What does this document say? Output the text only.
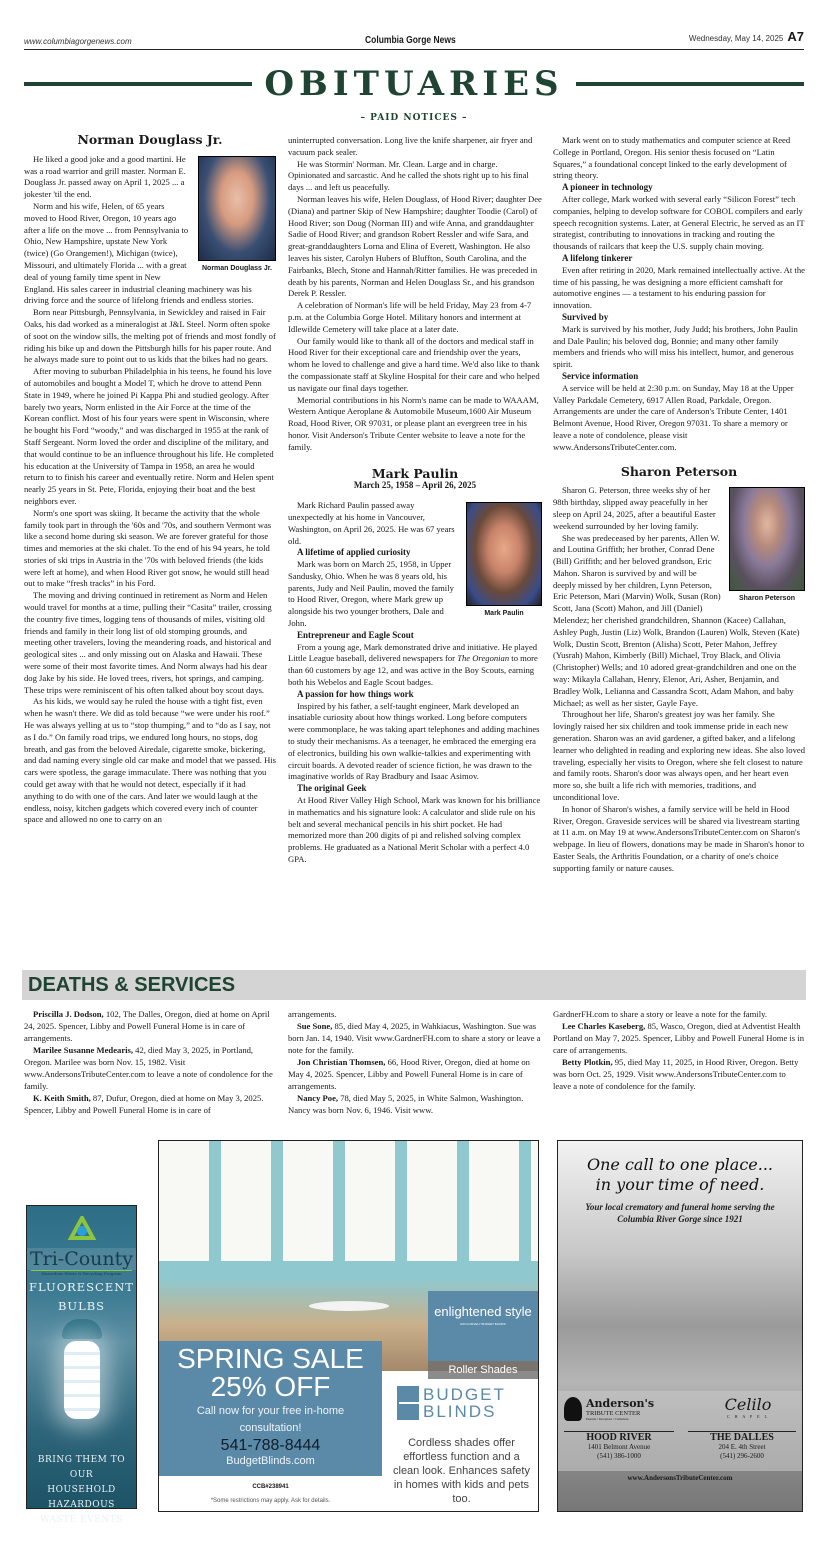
www.columbiagorgenews.com	Columbia Gorge News	Wednesday, May 14, 2025 A7
OBITUARIES
– PAID NOTICES –
Norman Douglass Jr.
Norman Douglass Jr.

He liked a good joke and a good martini. He was a road warrior and grill master. Norman E. Douglass Jr. passed away on April 1, 2025 ... a jokester 'til the end.

Norm and his wife, Helen, of 65 years moved to Hood River, Oregon, 10 years ago after a life on the move ... from Pennsylvania to Ohio, New Hampshire, upstate New York (twice) (Go Orangemen!), Michigan (twice), Missouri, and ultimately Florida ... with a great deal of young family time spent in New England. His sales career in industrial cleaning machinery was his driving force and the source of lifelong friends and endless stories.

Born near Pittsburgh, Pennsylvania, in Sewickley and raised in Fair Oaks, his dad worked as a mineralogist at J&L Steel. Norm often spoke of soot on the window sills, the melting pot of friends and most fondly of riding his bike up and down the Pittsburgh hills for his paper route. And he always made sure to point out to us kids that the bikes had no gears.

After moving to suburban Philadelphia in his teens, he found his love of automobiles and bought a Model T, which he drove to attend Penn State in 1949, where he joined Pi Kappa Phi and studied geology. After barely two years, Norm enlisted in the Air Force at the time of the Korean conflict. Most of his four years were spent in Wisconsin, where he bought his Ford “woody,” and was discharged in 1955 at the rank of Staff Sergeant. Norm loved the order and discipline of the military, and that would continue to be an influence throughout his life. He completed his education at the University of Tampa in 1958, an area he would return to to finish his career and eventually retire. Norm and Helen spent nearly 25 years in St. Pete, Florida, enjoying their boat and the best neighbors ever.

Norm's one sport was skiing. It became the activity that the whole family took part in through the '60s and '70s, and southern Vermont was like a second home during ski season. We are forever grateful for those times and memories at the ski chalet. To the end of his 94 years, he told stories of ski trips in Austria in the '70s with beloved friends (the kids were left at home), and when Hood River got snow, he would still head out to make “fresh tracks” in his Ford.

The moving and driving continued in retirement as Norm and Helen would travel for months at a time, pulling their “Casita” trailer, crossing the country five times, logging tens of thousands of miles, visiting old friends and family in their long list of old stomping grounds, and meeting other travelers, loving the meandering roads, and historical and geological sites ... and only missing out on Alaska and Hawaii. These were some of their most favorite times. And Norm always had his dear dog Jake by his side. He loved trees, rivers, hot springs, and camping. These trips were reminiscent of his often talked about boy scout days.

As his kids, we would say he ruled the house with a tight fist, even when he wasn't there. We did as told because “we were under his roof.” He was always yelling at us to “stop thumping,” and to “do as I say, not as I do.” On family road trips, we endured long hours, no stops, dog breath, and gas from the beloved Airedale, cigarette smoke, bickering, and dad naming every single old car make and model that we passed. His cars were spotless, the garage immaculate. There was nothing that you could get away with that he would not detect, especially if it had anything to do with one of the cars. And later we would laugh at the endless, noisy, kitchen gadgets which covered every inch of counter space and allowed no one to carry on an

uninterrupted conversation. Long live the knife sharpener, air fryer and vacuum pack sealer.

He was Stormin' Norman. Mr. Clean. Large and in charge. Opinionated and sarcastic. And he called the shots right up to his final days ... and left us peacefully.

Norman leaves his wife, Helen Douglass, of Hood River; daughter Dee (Diana) and partner Skip of New Hampshire; daughter Toodie (Carol) of Hood River; son Doug (Norman III) and wife Anna, and granddaughter Sadie of Hood River; and grandson Robert Ressler and wife Sara, and great-granddaughters Lorna and Elina of Everett, Washington. He also leaves his sister, Carolyn Hubers of Bluffton, South Carolina, and the Fairbanks, Blech, Stone and Hannah/Ritter families. He was preceded in death by his parents, Norman and Helen Douglass Sr., and his grandson Derek P. Ressler.

A celebration of Norman's life will be held Friday, May 23 from 4-7 p.m. at the Columbia Gorge Hotel. Military honors and interment at Idlewilde Cemetery will take place at a later date.

Our family would like to thank all of the doctors and medical staff in Hood River for their exceptional care and friendship over the years, whom he loved to challenge and give a hard time. We'd also like to thank the compassionate staff at Skyline Hospital for their care and who helped us navigate our final days together.

Memorial contributions in his Norm's name can be made to WAAAM, Western Antique Aeroplane & Automobile Museum,1600 Air Museum Road, Hood River, OR 97031, or please plant an evergreen tree in his honor. Visit Anderson's Tribute Center website to leave a note for the family.

Mark Paulin
March 25, 1958 – April 26, 2025
Mark Paulin

Mark Richard Paulin passed away unexpectedly at his home in Vancouver, Washington, on April 26, 2025. He was 67 years old.

A lifetime of applied curiosity

Mark was born on March 25, 1958, in Upper Sandusky, Ohio. When he was 8 years old, his parents, Judy and Neil Paulin, moved the family to Hood River, Oregon, where Mark grew up alongside his two younger brothers, Dale and John.

Entrepreneur and Eagle Scout

From a young age, Mark demonstrated drive and initiative. He played Little League baseball, delivered newspapers for The Oregonian to more than 60 customers by age 12, and was active in the Boy Scouts, earning both his Webelos and Eagle Scout badges.

A passion for how things work

Inspired by his father, a self-taught engineer, Mark developed an insatiable curiosity about how things worked. Long before computers were commonplace, he was taking apart telephones and adding machines to study their mechanisms. As a teenager, he embraced the emerging era of electronics, building his own walkie-talkies and experimenting with circuit boards. A devoted reader of science fiction, he was drawn to the imaginative worlds of Ray Bradbury and Isaac Asimov.

The original Geek

At Hood River Valley High School, Mark was known for his brilliance in mathematics and his signature look: A calculator and slide rule on his belt and several mechanical pencils in his shirt pocket. He had memorized more than 200 digits of pi and relished solving complex problems. He graduated as a National Merit Scholar with a perfect 4.0 GPA.

Mark went on to study mathematics and computer science at Reed College in Portland, Oregon. His senior thesis focused on “Latin Squares,” a foundational concept linked to the early development of string theory.

A pioneer in technology

After college, Mark worked with several early “Silicon Forest” tech companies, helping to develop software for COBOL compilers and early speech recognition systems. Later, at General Electric, he served as an IT strategist, contributing to innovations in tracking and routing the thousands of railcars that keep the U.S. supply chain moving.

A lifelong tinkerer

Even after retiring in 2020, Mark remained intellectually active. At the time of his passing, he was designing a more efficient camshaft for automotive engines — a testament to his enduring passion for innovation.

Survived by

Mark is survived by his mother, Judy Judd; his brothers, John Paulin and Dale Paulin; his beloved dog, Bonnie; and many other family members and friends who will miss his intellect, humor, and generous spirit.

Service information

A service will be held at 2:30 p.m. on Sunday, May 18 at the Upper Valley Parkdale Cemetery, 6917 Allen Road, Parkdale, Oregon. Arrangements are under the care of Anderson's Tribute Center, 1401 Belmont Avenue, Hood River, Oregon 97031. To share a memory or leave a note of condolence, please visit www.AndersonsTributeCenter.com.

Sharon Peterson
Sharon Peterson

Sharon G. Peterson, three weeks shy of her 98th birthday, slipped away peacefully in her sleep on April 24, 2025, after a beautiful Easter weekend surrounded by her loving family.

She was predeceased by her parents, Allen W. and Loutina Griffith; her brother, Conrad Dene (Bill) Griffith; and her beloved grandson, Eric Mahon. Sharon is survived by and will be deeply missed by her children, Lynn Peterson, Eric Peterson, Mari (Marvin) Wolk, Susan (Ron) Scott, Jana (Scott) Mahon, and Jill (Daniel) Melendez; her cherished grandchildren, Shannon (Kacee) Callahan, Ashley Pugh, Justin (Liz) Wolk, Brandon (Lauren) Wolk, Steven (Kate) Wolk, Dustin Scott, Brenton (Alisha) Scott, Peter Mahon, Jeffrey (Yusrah) Mahon, Kimberly (Bill) Michael, Troy Black, and Olivia (Christopher) Wells; and 10 adored great-grandchildren and one on the way: Mikayla Callahan, Henry, Elenor, Ari, Asher, Benjamin, and Bradley Wolk, Lelianna and Cassandra Scott, Adam Mahon, and baby Michael; as well as her sister, Gayle Faye.

Throughout her life, Sharon's greatest joy was her family. She lovingly raised her six children and took immense pride in each new generation. Sharon was an avid gardener, a gifted baker, and a lifelong learner who delighted in reading and exploring new ideas. She also loved traveling, especially her visits to Oregon, where she felt closest to nature and family roots. Sharon's door was always open, and her heart even more so, she built a life rich with memories, traditions, and unconditional love.

In honor of Sharon's wishes, a family service will be held in Hood River, Oregon. Graveside services will be shared via livestream starting at 11 a.m. on May 19 at www.AndersonsTributeCenter.com on Sharon's webpage. In lieu of flowers, donations may be made in Sharon's honor to Easter Seals, the Arthritis Foundation, or a charity of one's choice supporting family or nature causes.

DEATHS & SERVICES

Priscilla J. Dodson, 102, The Dalles, Oregon, died at home on April 24, 2025. Spencer, Libby and Powell Funeral Home is in care of arrangements.

Marilee Susanne Medearis, 42, died May 3, 2025, in Portland, Oregon. Marilee was born Nov. 15, 1982. Visit www.AndersonsTributeCenter.com to leave a note of condolence for the family.

K. Keith Smith, 87, Dufur, Oregon, died at home on May 3, 2025. Spencer, Libby and Powell Funeral Home is in care of

arrangements.

Sue Sone, 85, died May 4, 2025, in Wahkiacus, Washington. Sue was born Jan. 14, 1940. Visit www.GardnerFH.com to share a story or leave a note for the family.

Jon Christian Thomsen, 66, Hood River, Oregon, died at home on May 4, 2025. Spencer, Libby and Powell Funeral Home is in care of arrangements.

Nancy Poe, 78, died May 5, 2025, in White Salmon, Washington. Nancy was born Nov. 6, 1946. Visit www.

GardnerFH.com to share a story or leave a note for the family.

Lee Charles Kaseberg, 85, Wasco, Oregon, died at Adventist Health Portland on May 7, 2025. Spencer, Libby and Powell Funeral Home is in care of arrangements.

Betty Plotkin, 95, died May 11, 2025, in Hood River, Oregon. Betty was born Oct. 25, 1929. Visit www.AndersonsTributeCenter.com to leave a note of condolence for the family.

Tri-County
Hazardous Waste & Recycling Program
FLUORESCENT
BULBS
BRING THEM TO OUR HOUSEHOLD HAZARDOUS WASTE EVENTS
enlightened style
EXCLUSIVELY BUDGET BLINDS
Roller Shades
SPRING SALE
25% OFF
Call now for your free in-home consultation!
541-788-8444
BudgetBlinds.com
CCB#238941
*Some restrictions may apply. Ask for details.
BUDGET
BLINDS
Cordless shades offer effortless function and a clean look. Enhances safety in homes with kids and pets too.
One call to one place...
in your time of need.
Your local crematory and funeral home serving the Columbia River Gorge since 1921
Anderson's
TRIBUTE CENTER
Funerals • Receptions • Cremations
Celilo
C H A P E L
HOOD RIVER
1401 Belmont Avenue
(541) 386-1000
THE DALLES
204 E. 4th Street
(541) 296-2600
www.AndersonsTributeCenter.com
